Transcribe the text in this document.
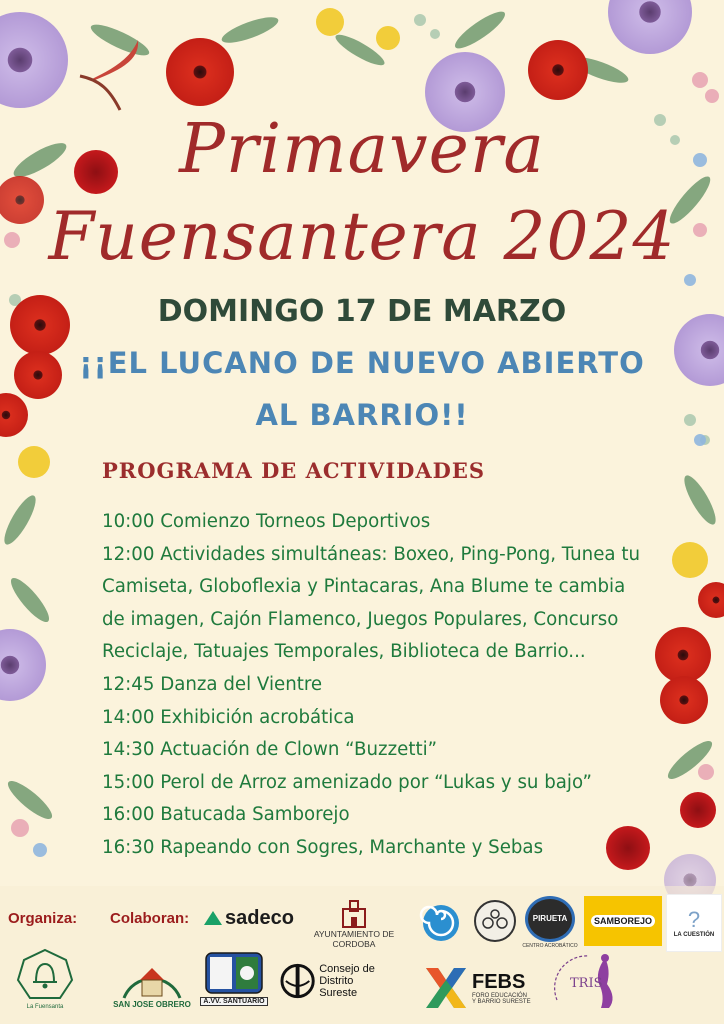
Primavera
Fuensantera 2024
DOMINGO 17 DE MARZO
¡¡EL LUCANO DE NUEVO ABIERTO
AL BARRIO!!
PROGRAMA DE ACTIVIDADES
10:00 Comienzo Torneos Deportivos
12:00 Actividades simultáneas: Boxeo, Ping-Pong, Tunea tu
Camiseta, Globoflexia y Pintacaras, Ana Blume te cambia
de imagen, Cajón Flamenco, Juegos Populares, Concurso
Reciclaje, Tatuajes Temporales, Biblioteca de Barrio...
12:45 Danza del Vientre
14:00 Exhibición acrobática
14:30 Actuación de Clown “Buzzetti”
15:00 Perol de Arroz amenizado por “Lukas y su bajo”
16:00 Batucada Samborejo
16:30 Rapeando con Sogres, Marchante y Sebas
Organiza: Colaboran: sadeco
AYUNTAMIENTO DE CORDOBA
PIRUETA
CENTRO ACROBÁTICO
SAMBOREJO ?
LA CUESTIÓN
La Fuensanta	SAN JOSE OBRERO	A.VV. SANTUARIO
Consejo de Distrito
Sureste	FEBS
FORO EDUCACIÓN
Y BARRIO SURESTE
TRIS
